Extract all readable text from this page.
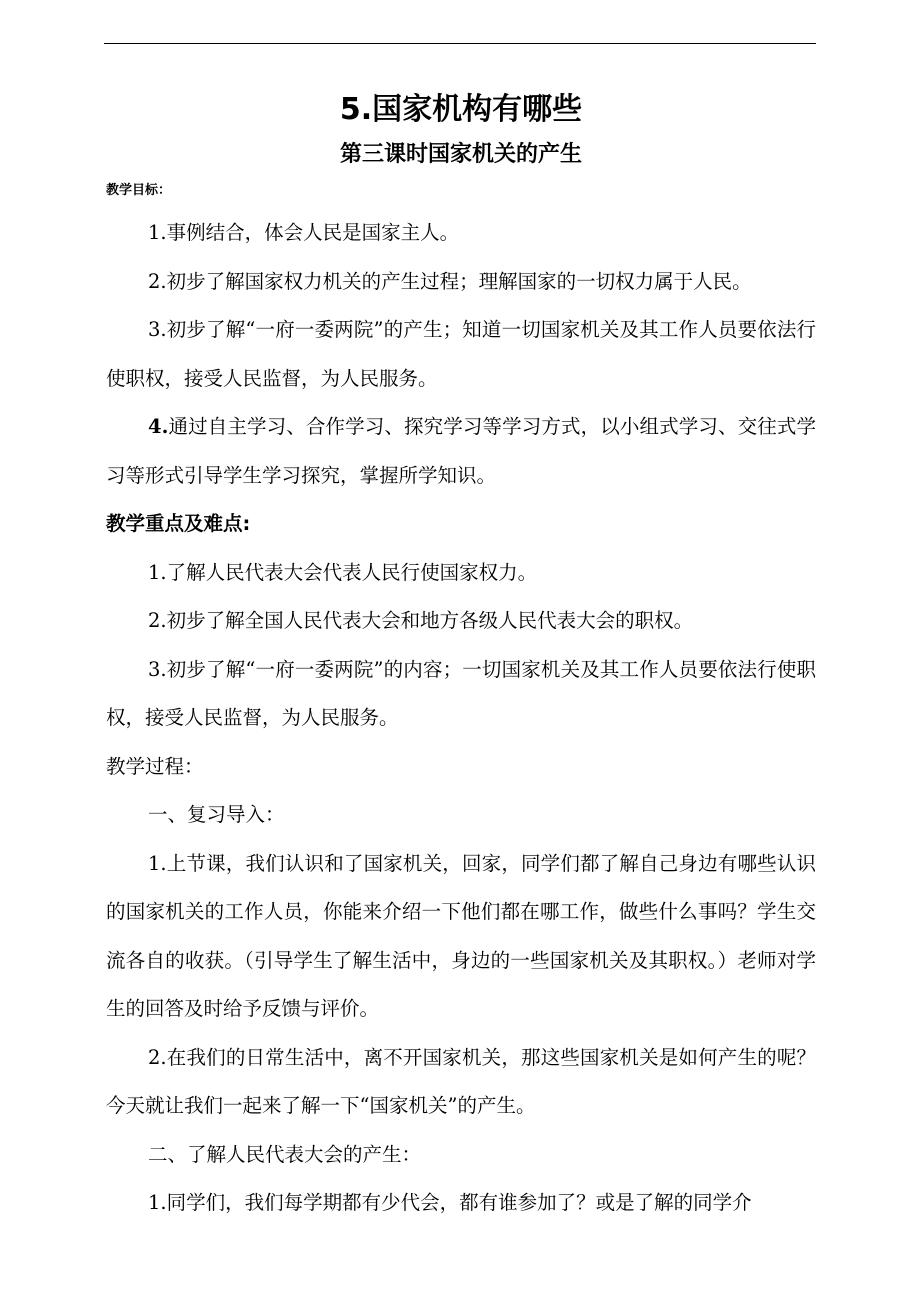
5.国家机构有哪些
第三课时国家机关的产生

教学目标：

1.事例结合，体会人民是国家主人。

2.初步了解国家权力机关的产生过程；理解国家的一切权力属于人民。

3.初步了解“一府一委两院”的产生；知道一切国家机关及其工作人员要依法行使职权，接受人民监督，为人民服务。

4.通过自主学习、合作学习、探究学习等学习方式，以小组式学习、交往式学习等形式引导学生学习探究，掌握所学知识。

教学重点及难点:

1.了解人民代表大会代表人民行使国家权力。

2.初步了解全国人民代表大会和地方各级人民代表大会的职权。

3.初步了解“一府一委两院”的内容；一切国家机关及其工作人员要依法行使职权，接受人民监督，为人民服务。

教学过程：

一、复习导入：

1.上节课，我们认识和了国家机关，回家，同学们都了解自己身边有哪些认识的国家机关的工作人员，你能来介绍一下他们都在哪工作，做些什么事吗？学生交流各自的收获。（引导学生了解生活中，身边的一些国家机关及其职权。）老师对学生的回答及时给予反馈与评价。

2.在我们的日常生活中，离不开国家机关，那这些国家机关是如何产生的呢？今天就让我们一起来了解一下“国家机关”的产生。

二、了解人民代表大会的产生：

1.同学们，我们每学期都有少代会，都有谁参加了？或是了解的同学介
